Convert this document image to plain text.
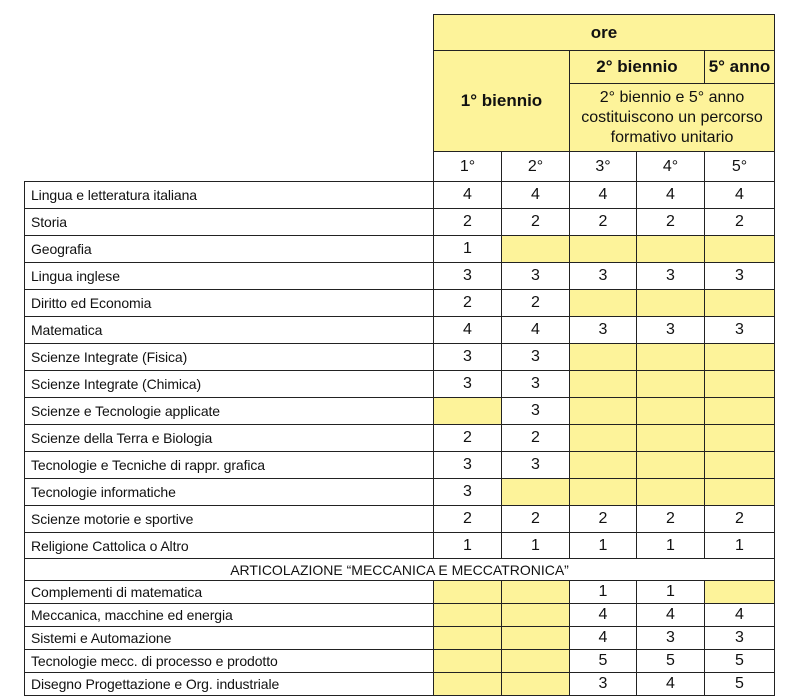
	ore				
	1° biennio		2° biennio		5° anno
			2° biennio e 5° anno costituiscono un percorso formativo unitario		
	1°	2°	3°	4°	5°
Lingua e letteratura italiana	4	4	4	4	4
Storia	2	2	2	2	2
Geografia	1				
Lingua inglese	3	3	3	3	3
Diritto ed Economia	2	2			
Matematica	4	4	3	3	3
Scienze Integrate (Fisica)	3	3			
Scienze Integrate (Chimica)	3	3			
Scienze e Tecnologie applicate		3			
Scienze della Terra e Biologia	2	2			
Tecnologie e Tecniche di rappr. grafica	3	3			
Tecnologie informatiche	3				
Scienze motorie e sportive	2	2	2	2	2
Religione Cattolica o Altro	1	1	1	1	1
ARTICOLAZIONE “MECCANICA E MECCATRONICA”					
Complementi di matematica			1	1	
Meccanica, macchine ed energia			4	4	4
Sistemi e Automazione			4	3	3
Tecnologie mecc. di processo e prodotto			5	5	5
Disegno Progettazione e Org. industriale			3	4	5
